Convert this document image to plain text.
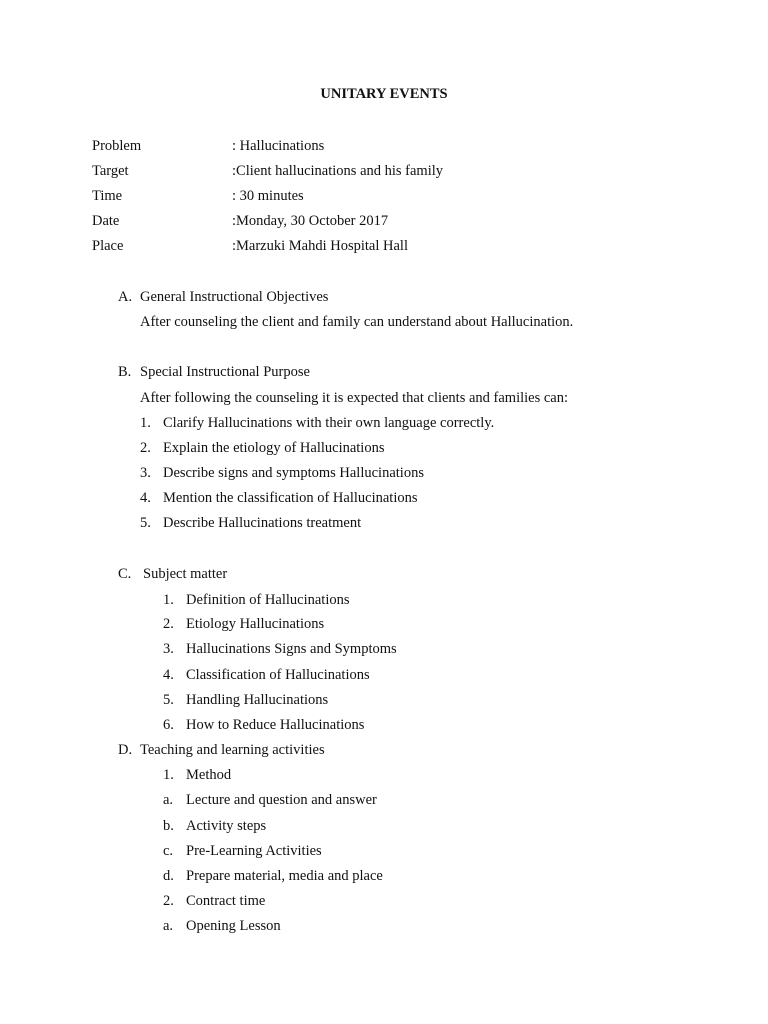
UNITARY EVENTS
Problem	: Hallucinations
Target	:Client hallucinations and his family
Time	: 30 minutes
Date	:Monday, 30 October 2017
Place	:Marzuki Mahdi Hospital Hall
A. General Instructional Objectives
After counseling the client and family can understand about Hallucination.
B. Special Instructional Purpose
After following the counseling it is expected that clients and families can:
1. Clarify Hallucinations with their own language correctly.
2. Explain the etiology of Hallucinations
3. Describe signs and symptoms Hallucinations
4. Mention the classification of Hallucinations
5. Describe Hallucinations treatment
C. Subject matter
1. Definition of Hallucinations
2. Etiology Hallucinations
3. Hallucinations Signs and Symptoms
4. Classification of Hallucinations
5. Handling Hallucinations
6. How to Reduce Hallucinations
D. Teaching and learning activities
1. Method
a. Lecture and question and answer
b. Activity steps
c. Pre-Learning Activities
d. Prepare material, media and place
2. Contract time
a. Opening Lesson
